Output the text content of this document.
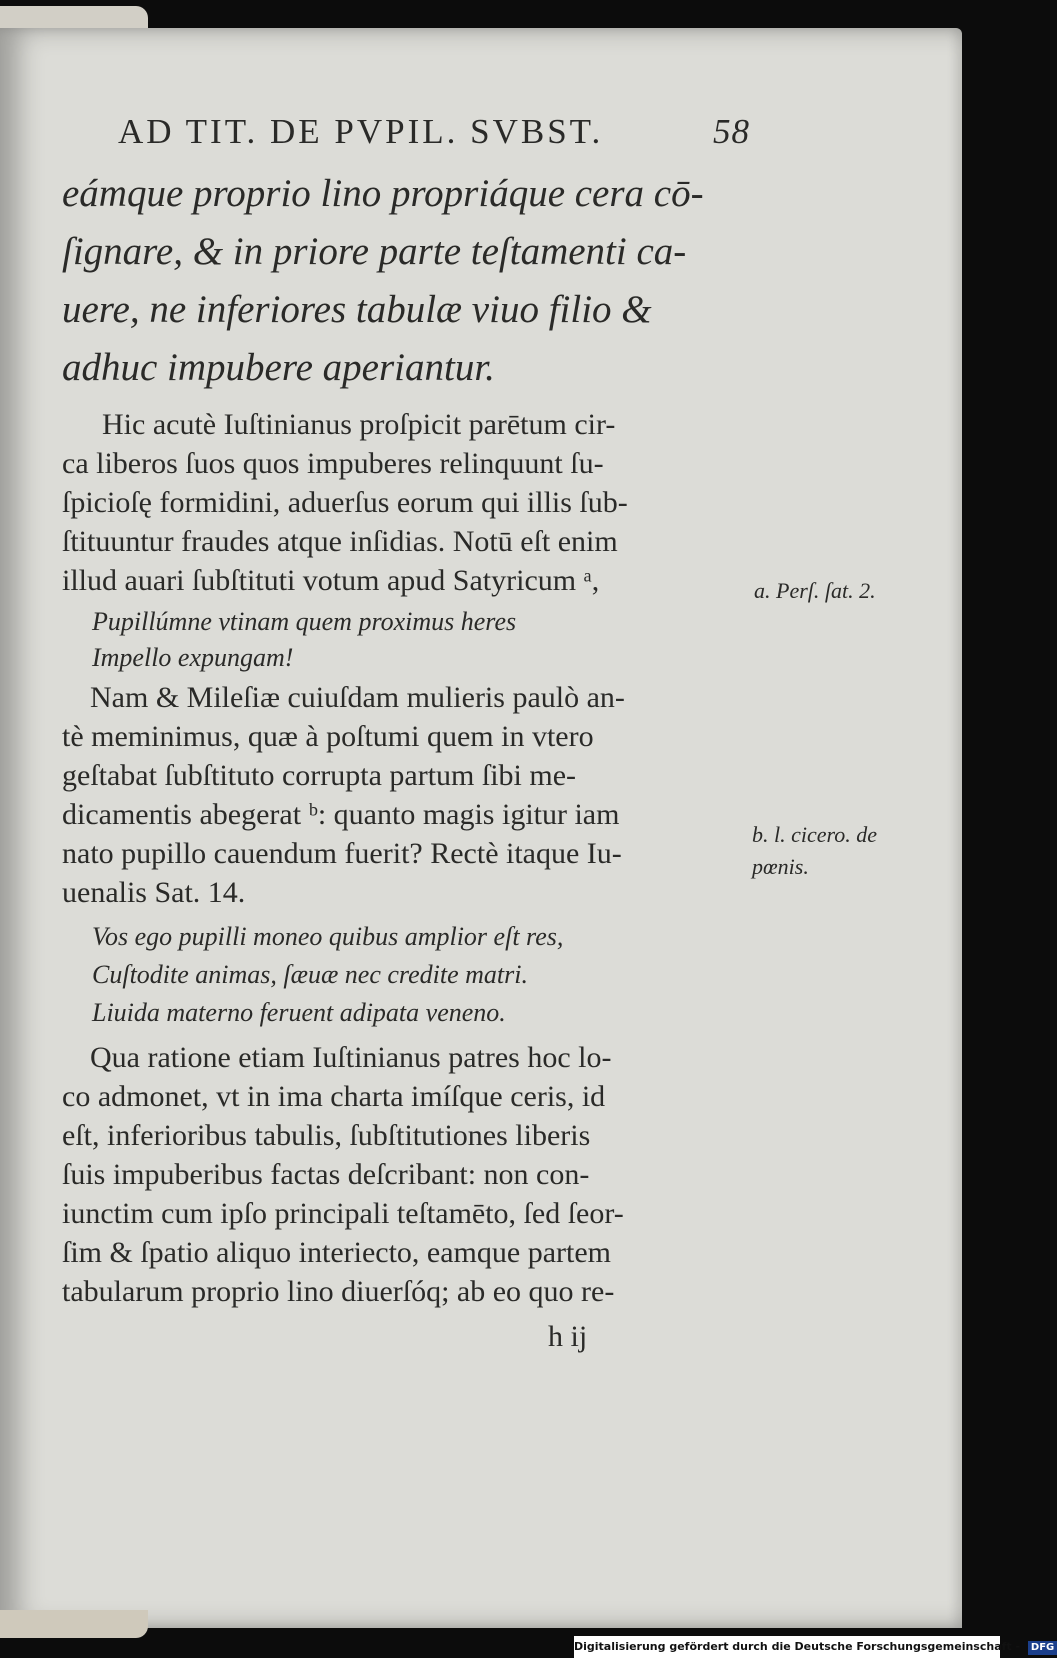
AD TIT. DE PVPIL. SVBST.	58
eámque proprio lino propriáque cera cō-
ſignare, & in priore parte teſtamenti ca-
uere, ne inferiores tabulæ viuo filio &
adhuc impubere aperiantur.
Hic acutè Iuſtinianus proſpicit parētum cir-
ca liberos ſuos quos impuberes relinquunt ſu-
ſpicioſę formidini, aduerſus eorum qui illis ſub-
ſtituuntur fraudes atque inſidias. Notū eſt enim
illud auari ſubſtituti votum apud Satyricum ᵃ,
Pupillúmne vtinam quem proximus heres
Impello expungam!
Nam & Mileſiæ cuiuſdam mulieris paulò an-
tè meminimus, quæ à poſtumi quem in vtero
geſtabat ſubſtituto corrupta partum ſibi me-
dicamentis abegerat ᵇ: quanto magis igitur iam
nato pupillo cauendum fuerit? Rectè itaque Iu-
uenalis Sat. 14.
Vos ego pupilli moneo quibus amplior eſt res,
Cuſtodite animas, ſæuæ nec credite matri.
Liuida materno feruent adipata veneno.
Qua ratione etiam Iuſtinianus patres hoc lo-
co admonet, vt in ima charta imíſque ceris, id
eſt, inferioribus tabulis, ſubſtitutiones liberis
ſuis impuberibus factas deſcribant: non con-
iunctim cum ipſo principali teſtamēto, ſed ſeor-
ſim & ſpatio aliquo interiecto, eamque partem
tabularum proprio lino diuerſóq; ab eo quo re-
h ij
a. Perſ. ſat. 2.
b. l. cicero. de
pœnis.
Digitalisierung gefördert durch die Deutsche Forschungsgemeinschaft - DFG
